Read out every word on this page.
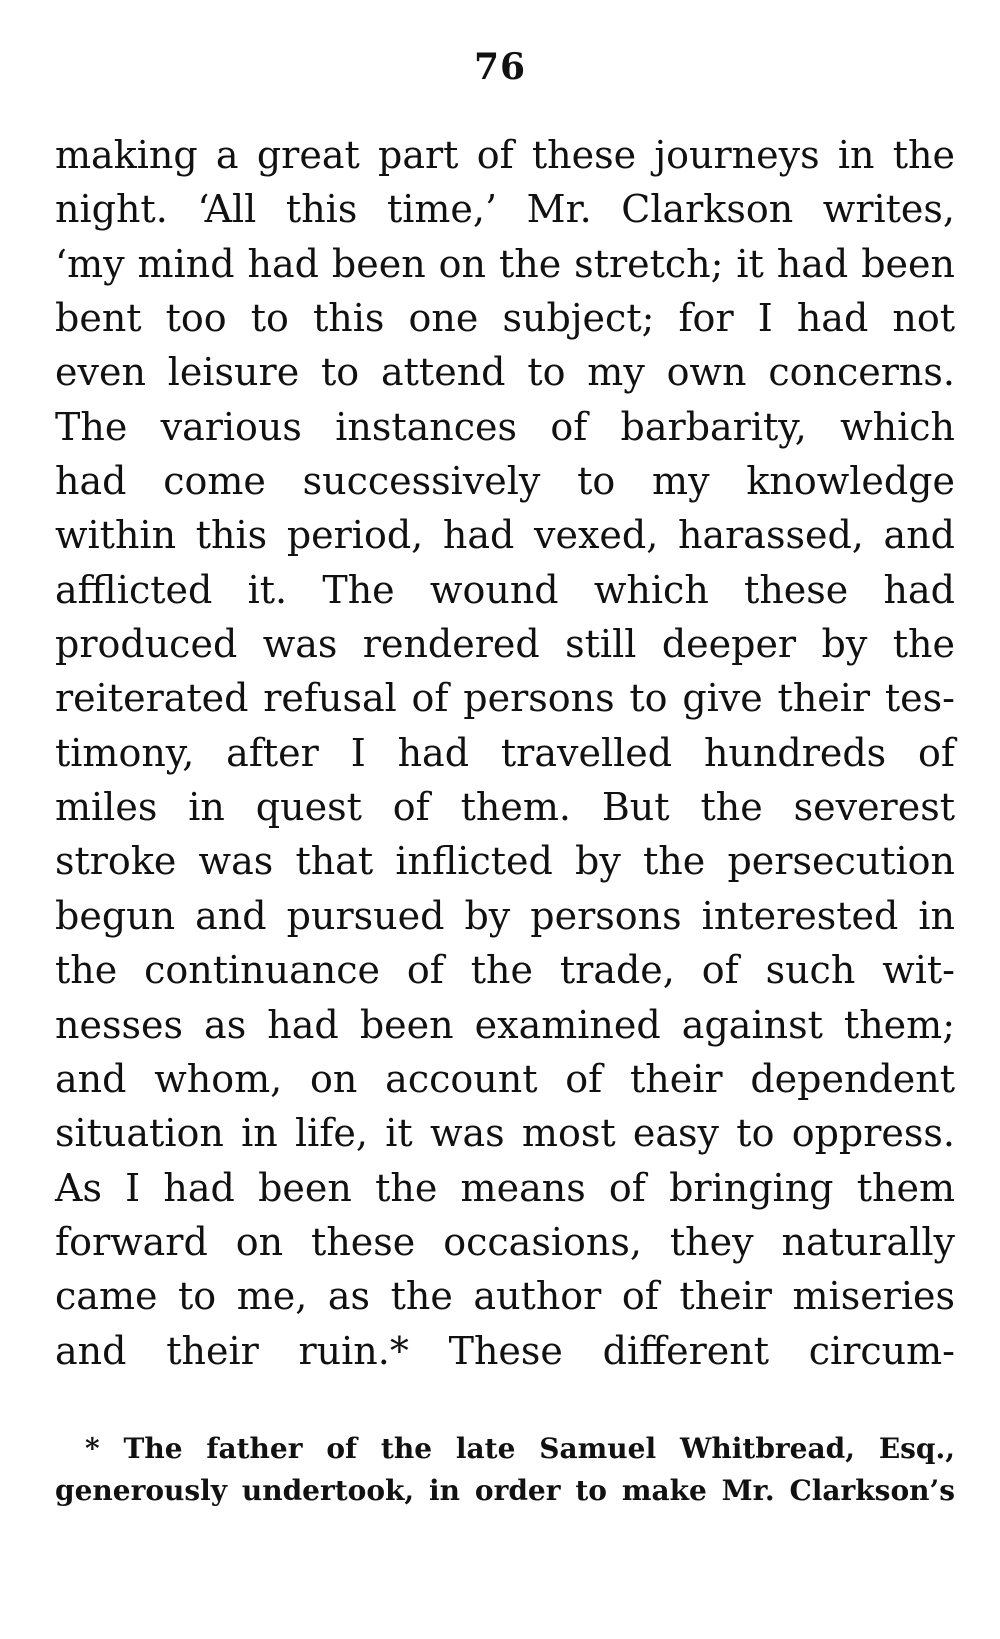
76
making a great part of these journeys in the
night. ‘All this time,’ Mr. Clarkson writes,
‘my mind had been on the stretch; it had been
bent too to this one subject; for I had not
even leisure to attend to my own concerns.
The various instances of barbarity, which
had come successively to my knowledge
within this period, had vexed, harassed, and
afflicted it. The wound which these had
produced was rendered still deeper by the
reiterated refusal of persons to give their tes-
timony, after I had travelled hundreds of
miles in quest of them. But the severest
stroke was that inflicted by the persecution
begun and pursued by persons interested in
the continuance of the trade, of such wit-
nesses as had been examined against them;
and whom, on account of their dependent
situation in life, it was most easy to oppress.
As I had been the means of bringing them
forward on these occasions, they naturally
came to me, as the author of their miseries
and their ruin.* These different circum-
* The father of the late Samuel Whitbread, Esq.,
generously undertook, in order to make Mr. Clarkson’s
